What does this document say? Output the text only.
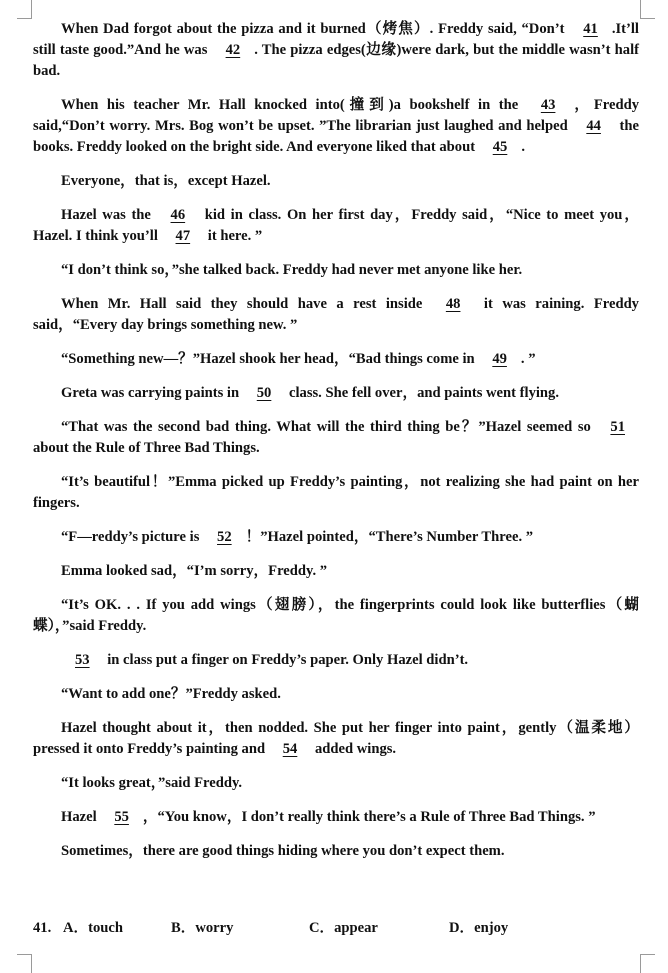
When Dad forgot about the pizza and it burned（烤焦）. Freddy said, “Don’t 41 .It’ll still taste good.”And he was 42 . The pizza edges(边缘)were dark, but the middle wasn’t half bad.

When his teacher Mr. Hall knocked into(撞到)a bookshelf in the 43 ，Freddy said,“Don’t worry. Mrs. Bog won’t be upset. ”The librarian just laughed and helped 44 the books. Freddy looked on the bright side. And everyone liked that about 45 .

Everyone，that is，except Hazel.

Hazel was the 46 kid in class. On her first day，Freddy said，“Nice to meet you，Hazel. I think you’ll 47 it here. ”

“I don’t think so，”she talked back. Freddy had never met anyone like her.

When Mr. Hall said they should have a rest inside 48 it was raining. Freddy said，“Every day brings something new. ”

“Something new—？”Hazel shook her head，“Bad things come in 49 . ”

Greta was carrying paints in 50 class. She fell over，and paints went flying.

“That was the second bad thing. What will the third thing be？”Hazel seemed so 51 about the Rule of Three Bad Things.

“It’s beautiful！”Emma picked up Freddy’s painting，not realizing she had paint on her fingers.

“F—reddy’s picture is 52 ！”Hazel pointed，“There’s Number Three. ”

Emma looked sad，“I’m sorry，Freddy. ”

“It’s OK. . . If you add wings（翅膀），the fingerprints could look like butterflies（蝴蝶），”said Freddy.

53 in class put a finger on Freddy’s paper. Only Hazel didn’t.

“Want to add one？”Freddy asked.

Hazel thought about it，then nodded. She put her finger into paint，gently（温柔地）pressed it onto Freddy’s painting and 54 added wings.

“It looks great，”said Freddy.

Hazel 55 ，“You know，I don’t really think there’s a Rule of Three Bad Things. ”

Sometimes，there are good things hiding where you don’t expect them.

41. A．touch	B．worry	C．appear	D．enjoy
